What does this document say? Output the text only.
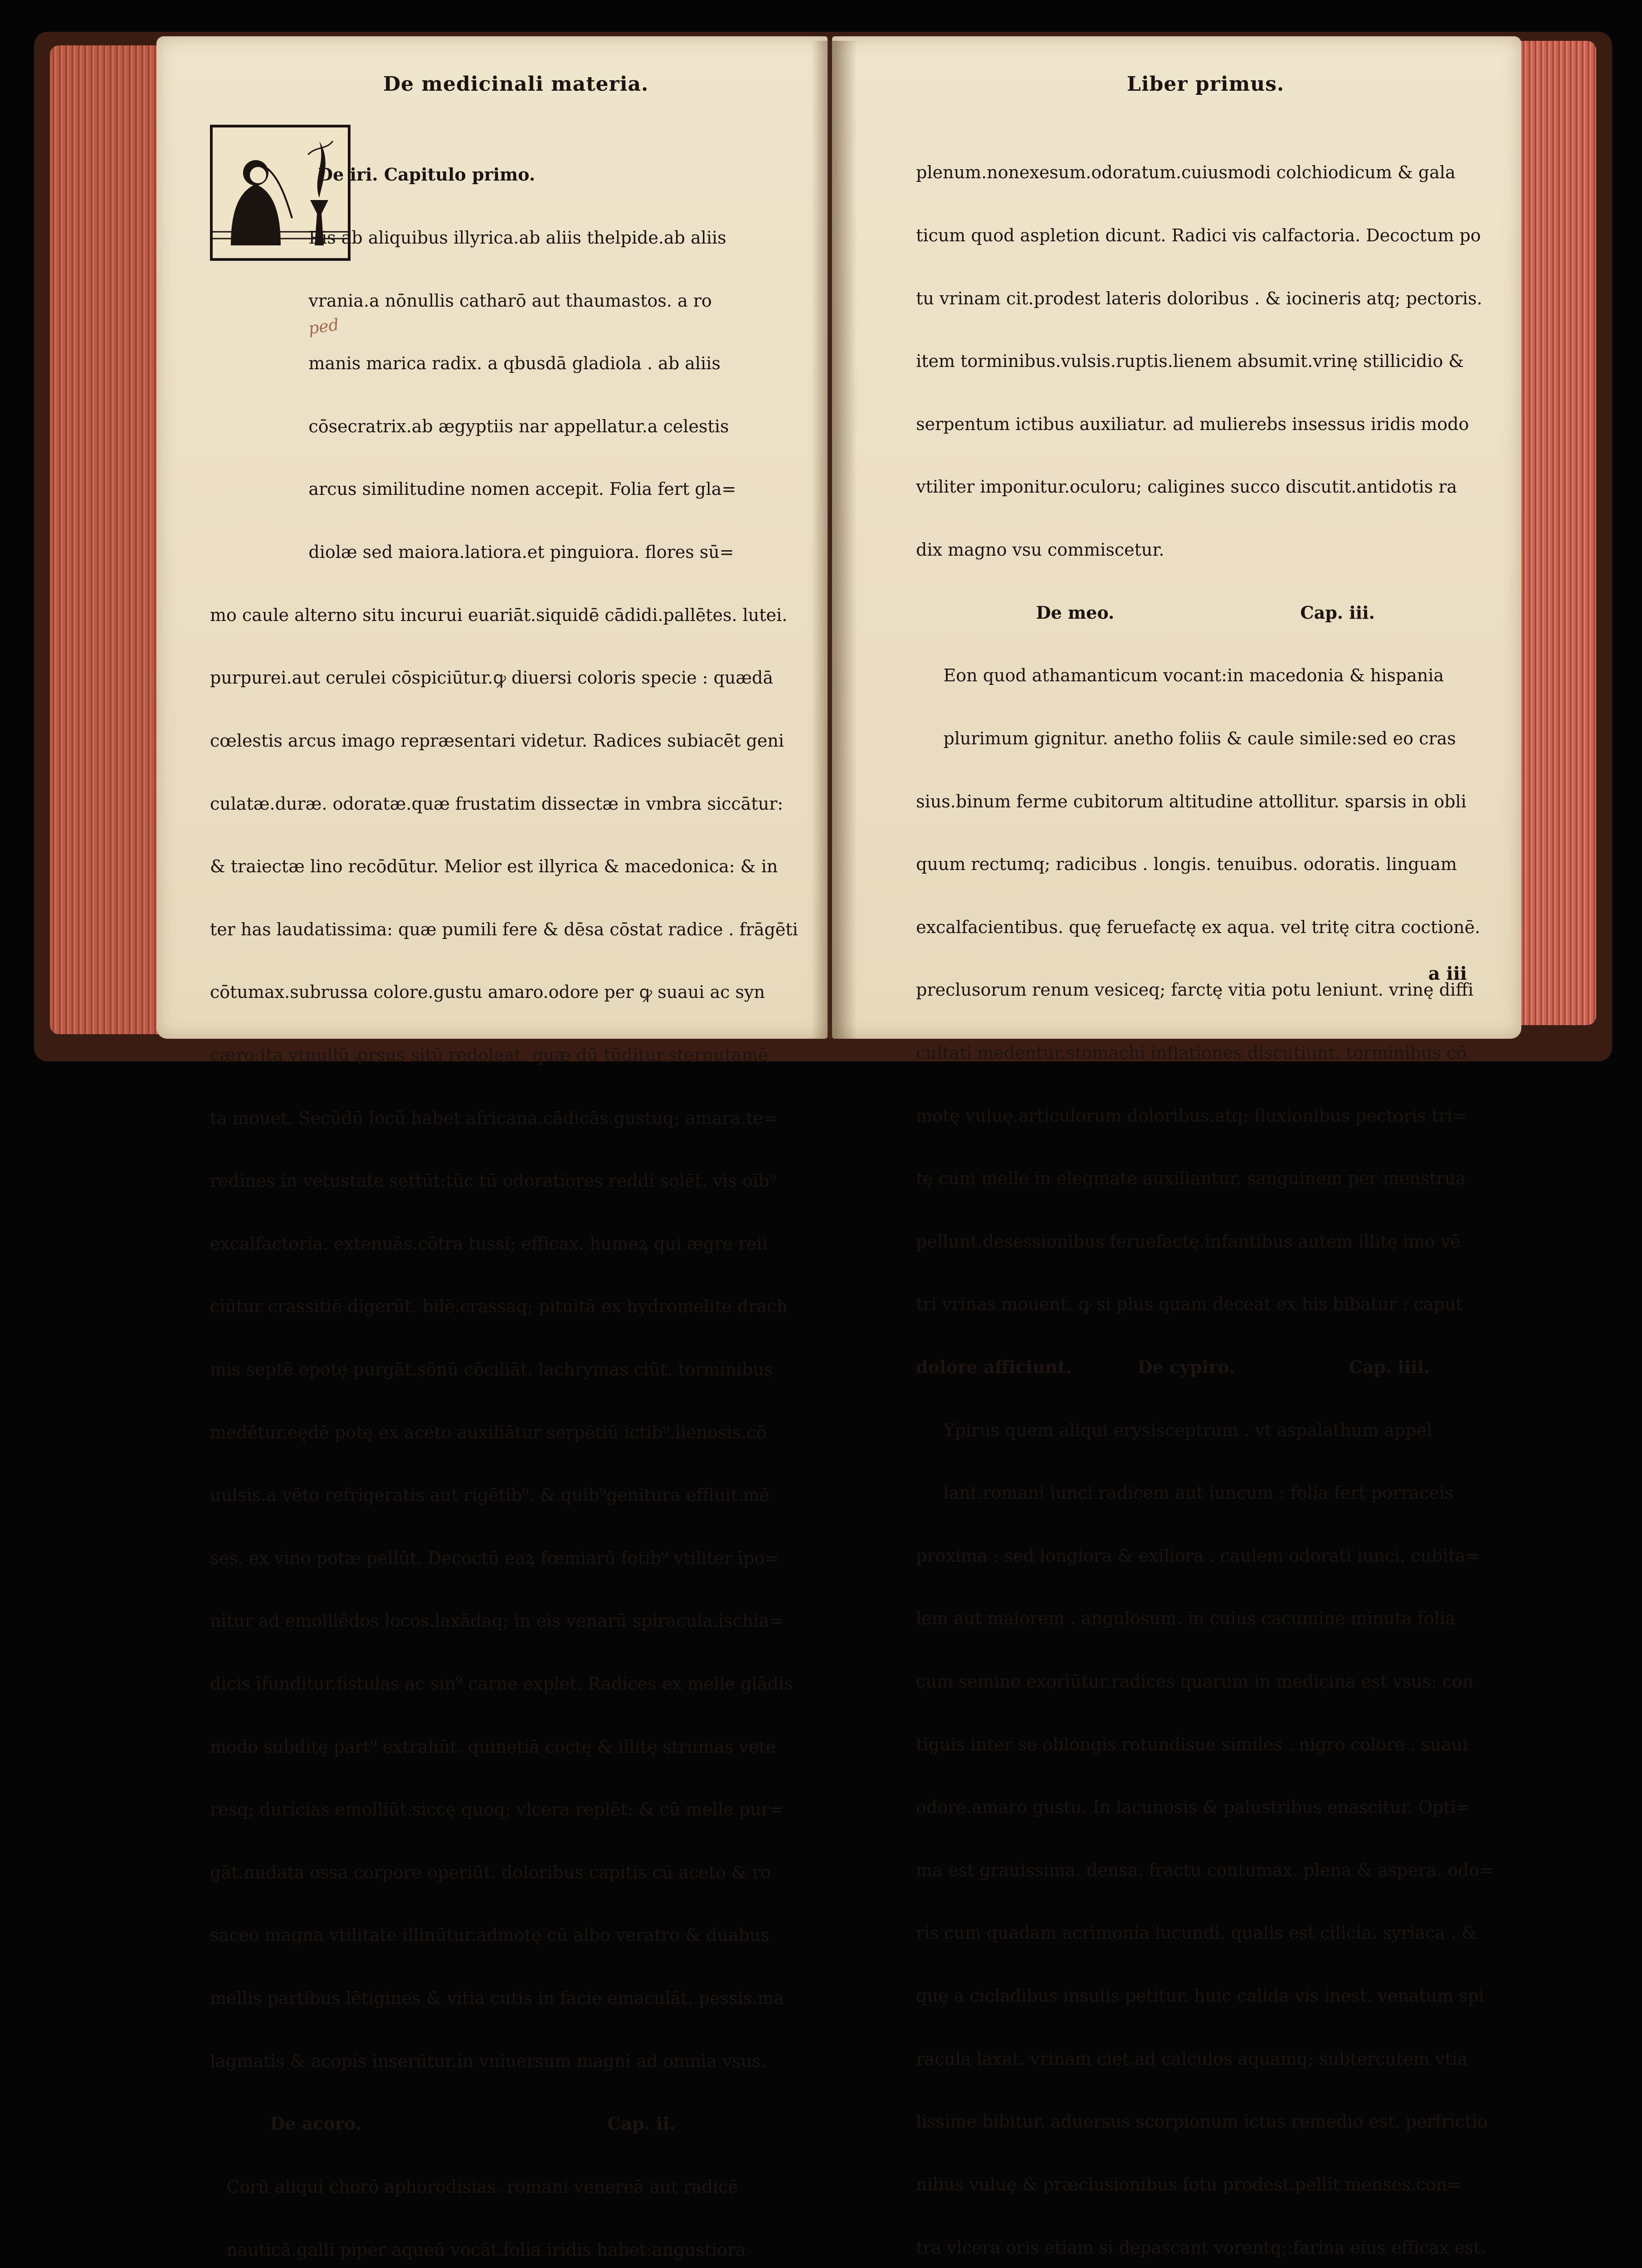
De medicinali materia.
ped

De iri. Capitulo primo.

Ris ab aliquibus illyrica.ab aliis thelpide.ab aliis

vrania.a nōnullis catharō aut thaumastos. a ro

manis marica radix. a qbusdā gladiola . ab aliis

cōsecratrix.ab ægyptiis nar appellatur.a celestis

arcus similitudine nomen accepit. Folia fert gla=

diolæ sed maiora.latiora.et pinguiora. flores sū=

mo caule alterno situ incurui euariāt.siquidē cādidi.pallētes. lutei.

purpurei.aut cerulei cōspiciūtur.ꝙ diuersi coloris specie : quædā

cœlestis arcus imago repræsentari videtur. Radices subiacēt geni

culatæ.duræ. odoratæ.quæ frustatim dissectæ in vmbra siccātur:

& traiectæ lino recōdūtur. Melior est illyrica & macedonica: & in

ter has laudatissima: quæ pumili fere & dēsa cōstat radice . frāgēti

cōtumax.subrussa colore.gustu amaro.odore per ꝙ suaui ac syn

cæro:ita vtnullū ꝓrsus sitū redoleat. quæ dū tūditur.sternutamē

ta mouet. Secūdū locū habet africana.cādicās.gustuq; amara.te=

redines in vetustate settūt:tūc tū odoratiores reddi solēt. vis oīb⁹

excalfactoria. extenuās.cōtra tussi; efficax. humeꝝ qui ægre reii

ciūtur crassitiē digerūt. bilē.crassaq; pituitā ex hydromelite drach

mis septē epotę purgāt.sōnū cōciliāt. lachrymas ciūt. torminibus

medētur.eędē potę ex aceto auxiliātur serpētiū ictib⁹.lienosis.cō

uulsis.a vēto refrigeratis aut rigētib⁹. & quib⁹genitura effluit.mē

ses. ex vino potæ pellūt. Decoctū eaꝝ fœmiarū fotib⁹ vtiliter īpo=

nitur ad emolliēdos locos.laxādaq; in eis venarū spiracula.ischia=

dicis īfunditur.fistulas ac sin⁹ carne explet. Radices ex melle glādis

modo subditę part⁹ extrahūt. quinetiā coctę & illitę strumas vete

resq; duricias emolliūt.siccę quoq; vlcera replēt: & cū melle pur=

gāt.nudata ossa corpore operiūt. doloribus capitis cū aceto & ro

saceo magna vtilitate illinūtur.admotę cū albo veratro & duabus

mellis partibus lētigines & vitia cutis in facie emaculāt. pessis.ma

lagmatis & acopis inserūtur.in vniuersum magni ad omnia vsus.

De acoro.                                         Cap. ii.

Corū aliqui chorō aphorodisias. romani venereā aut radicē

nautică.galli piper aqueū vocāt.folia iridis habet:angustiora

Liber primus.

plenum.nonexesum.odoratum.cuiusmodi colchiodicum & gala

ticum quod aspletion dicunt. Radici vis calfactoria. Decoctum po

tu vrinam cit.prodest lateris doloribus . & iocineris atq; pectoris.

item torminibus.vulsis.ruptis.lienem absumit.vrinę stillicidio &

serpentum ictibus auxiliatur. ad mulierebs insessus iridis modo

vtiliter imponitur.oculoru; caligines succo discutit.antidotis ra

dix magno vsu commiscetur.

De meo.                               Cap. iii.

Eon quod athamanticum vocant:in macedonia & hispania

plurimum gignitur. anetho foliis & caule simile:sed eo cras

sius.binum ferme cubitorum altitudine attollitur. sparsis in obli

quum rectumq; radicibus . longis. tenuibus. odoratis. linguam

excalfacientibus. quę feruefactę ex aqua. vel tritę citra coctionē.

preclusorum renum vesiceq; farctę vitia potu leniunt. vrinę diffi

cultati medentur.stomachi inflationes discutiunt. torminibus cō

motę vuluę.articulorum doloribus.atq; fluxionibus pectoris tri=

tę cum melle in elegmate auxiliantur. sanguinem per menstrua

pellunt.desessionibus feruefactę.infantibus autem illitę imo vē

tri vrinas mouent. ꝙ si plus quam deceat ex his bibatur : caput

dolore afficiunt.           De cypiro.                   Cap. iiii.

Ypirus quem aliqui erysisceptrum . vt aspalathum appel

lant.romani iunci radicem aut iuncum : folia fert porraceis

proxima : sed longiora & exiliora . caulem odorati iunci. cubita=

lem aut maiorem . angulosum. in cuius cacumine minuta folia

cum semine exoriūtur.radices quarum in medicina est vsus: con

tiguis inter se oblongis rotundisue similes . nigro colore . suaui

odore.amaro gustu. In lacunosis & palustribus enascitur. Opti=

ma est grauissima. densa. fractu contumax. plena & aspera. odo=

ris cum quadam acrimonia iucundi. qualis est cilicia. syriaca . &

quę a cicladibus insulis petitur. huic calida vis inest. venatum spi

racula laxat. vrinam ciet.ad calculos aquamq; subtercutem vtia

lissime bibitur. aduersus scorpionum ictus remedio est. perfrictio

nibus vuluę & præclusionibus fotu prodest.pellit menses.con=

tra vlcera oris etiam si depascant vorentq;:farina eius efficax est.

a iii
